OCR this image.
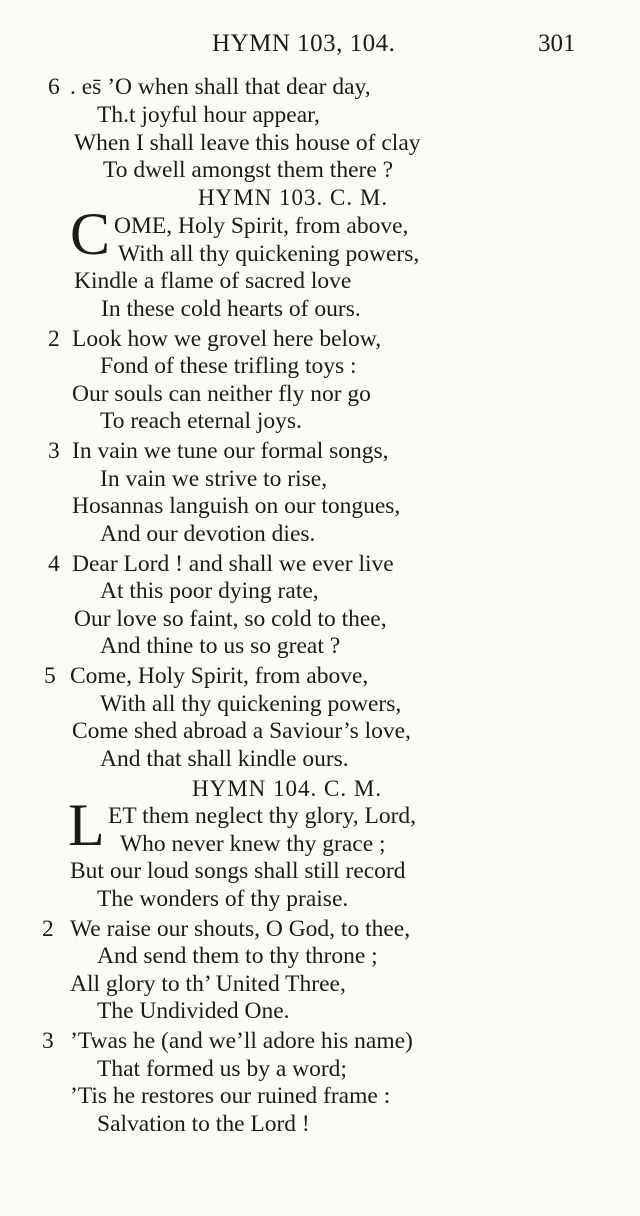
HYMN 103, 104.	301
6 . es̄ ’O when shall that dear day,
Th.t joyful hour appear,
When I shall leave this house of clay
To dwell amongst them there ?
HYMN 103. C. M.
C OME, Holy Spirit, from above,
With all thy quickening powers,
Kindle a flame of sacred love
In these cold hearts of ours.
2 Look how we grovel here below,
Fond of these trifling toys :
Our souls can neither fly nor go
To reach eternal joys.
3 In vain we tune our formal songs,
In vain we strive to rise,
Hosannas languish on our tongues,
And our devotion dies.
4 Dear Lord ! and shall we ever live
At this poor dying rate,
Our love so faint, so cold to thee,
And thine to us so great ?
5 Come, Holy Spirit, from above,
With all thy quickening powers,
Come shed abroad a Saviour’s love,
And that shall kindle ours.
HYMN 104. C. M.
L ET them neglect thy glory, Lord,
Who never knew thy grace ;
But our loud songs shall still record
The wonders of thy praise.
2 We raise our shouts, O God, to thee,
And send them to thy throne ;
All glory to th’ United Three,
The Undivided One.
3 ’Twas he (and we’ll adore his name)
That formed us by a word;
’Tis he restores our ruined frame :
Salvation to the Lord !
